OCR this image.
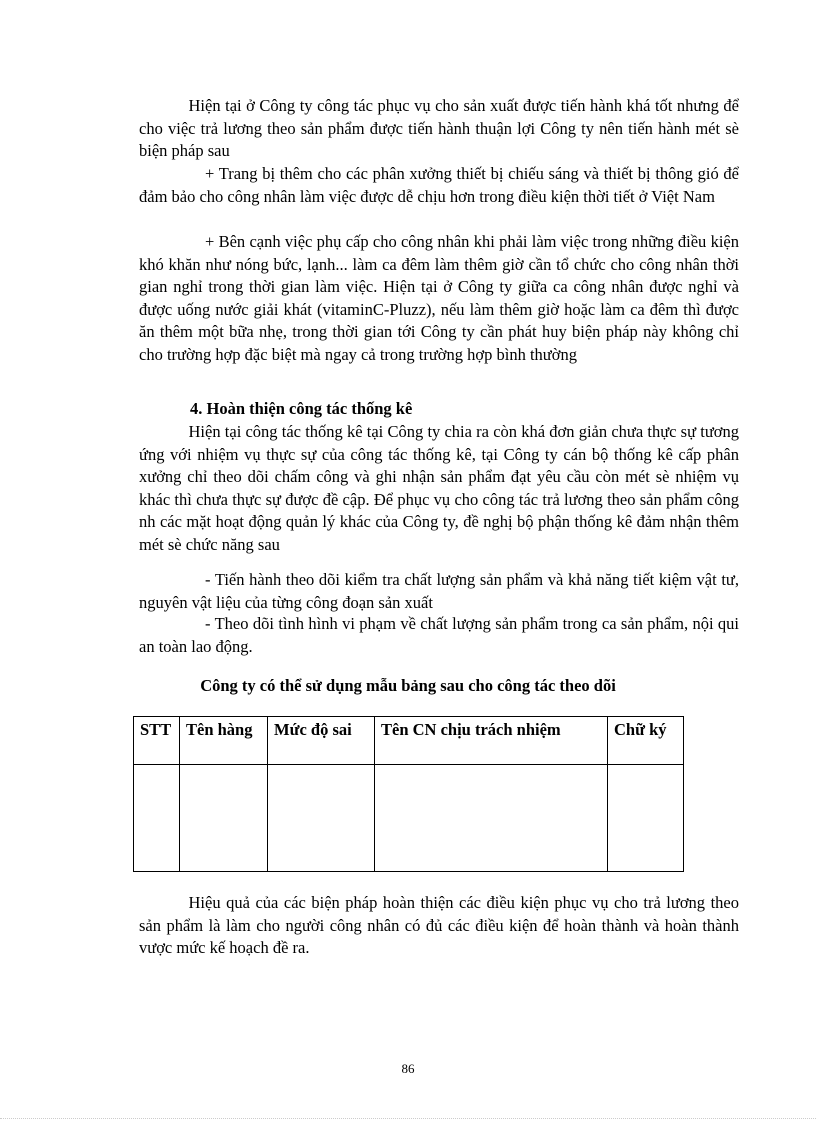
   Hiện tại ở Công ty công tác phục vụ cho sản xuất được tiến hành khá tốt nhưng để cho việc trả lương theo sản phẩm được tiến hành thuận lợi Công ty nên tiến hành mét sè biện pháp sau

    + Trang bị thêm cho các phân xưởng thiết bị chiếu sáng và thiết bị thông gió để đảm bảo cho công nhân làm việc được dễ chịu hơn trong điều kiện thời tiết ở Việt Nam

    + Bên cạnh việc phụ cấp cho công nhân khi phải làm việc trong những điều kiện khó khăn như nóng bức, lạnh... làm ca đêm làm thêm giờ cần tổ chức cho công nhân thời gian nghỉ trong thời gian làm việc. Hiện tại ở Công ty giữa ca công nhân được nghỉ và được uống nước giải khát (vitaminC-Pluzz), nếu làm thêm giờ hoặc làm ca đêm thì được ăn thêm một bữa nhẹ, trong thời gian tới Công ty cần phát huy biện pháp này không chỉ cho trường hợp đặc biệt mà ngay cả trong trường hợp bình thường

4. Hoàn thiện công tác thống kê

   Hiện tại công tác thống kê tại Công ty chia ra còn khá đơn giản chưa thực sự tương ứng với nhiệm vụ thực sự của công tác thống kê, tại Công ty cán bộ thống kê cấp phân xưởng chỉ theo dõi chấm công và ghi nhận sản phẩm đạt yêu cầu còn mét sè nhiệm vụ khác thì chưa thực sự được đề cập. Để phục vụ cho công tác trả lương theo sản phẩm công nh các mặt hoạt động quản lý khác của Công ty, đề nghị bộ phận thống kê đảm nhận thêm mét sè chức năng sau

    - Tiến hành theo dõi kiểm tra chất lượng sản phẩm và khả năng tiết kiệm vật tư, nguyên vật liệu của từng công đoạn sản xuất

    - Theo dõi tình hình vi phạm về chất lượng sản phẩm trong ca sản phẩm, nội qui an toàn lao động.

Công ty có thể sử dụng mẫu bảng sau cho công tác theo dõi
STT	Tên hàng	Mức độ sai	Tên CN chịu trách nhiệm	Chữ ký

   Hiệu quả của các biện pháp hoàn thiện các điều kiện phục vụ cho trả lương theo sản phẩm là làm cho người công nhân có đủ các điều kiện để hoàn thành và hoàn thành vược mức kế hoạch đề ra.

86
